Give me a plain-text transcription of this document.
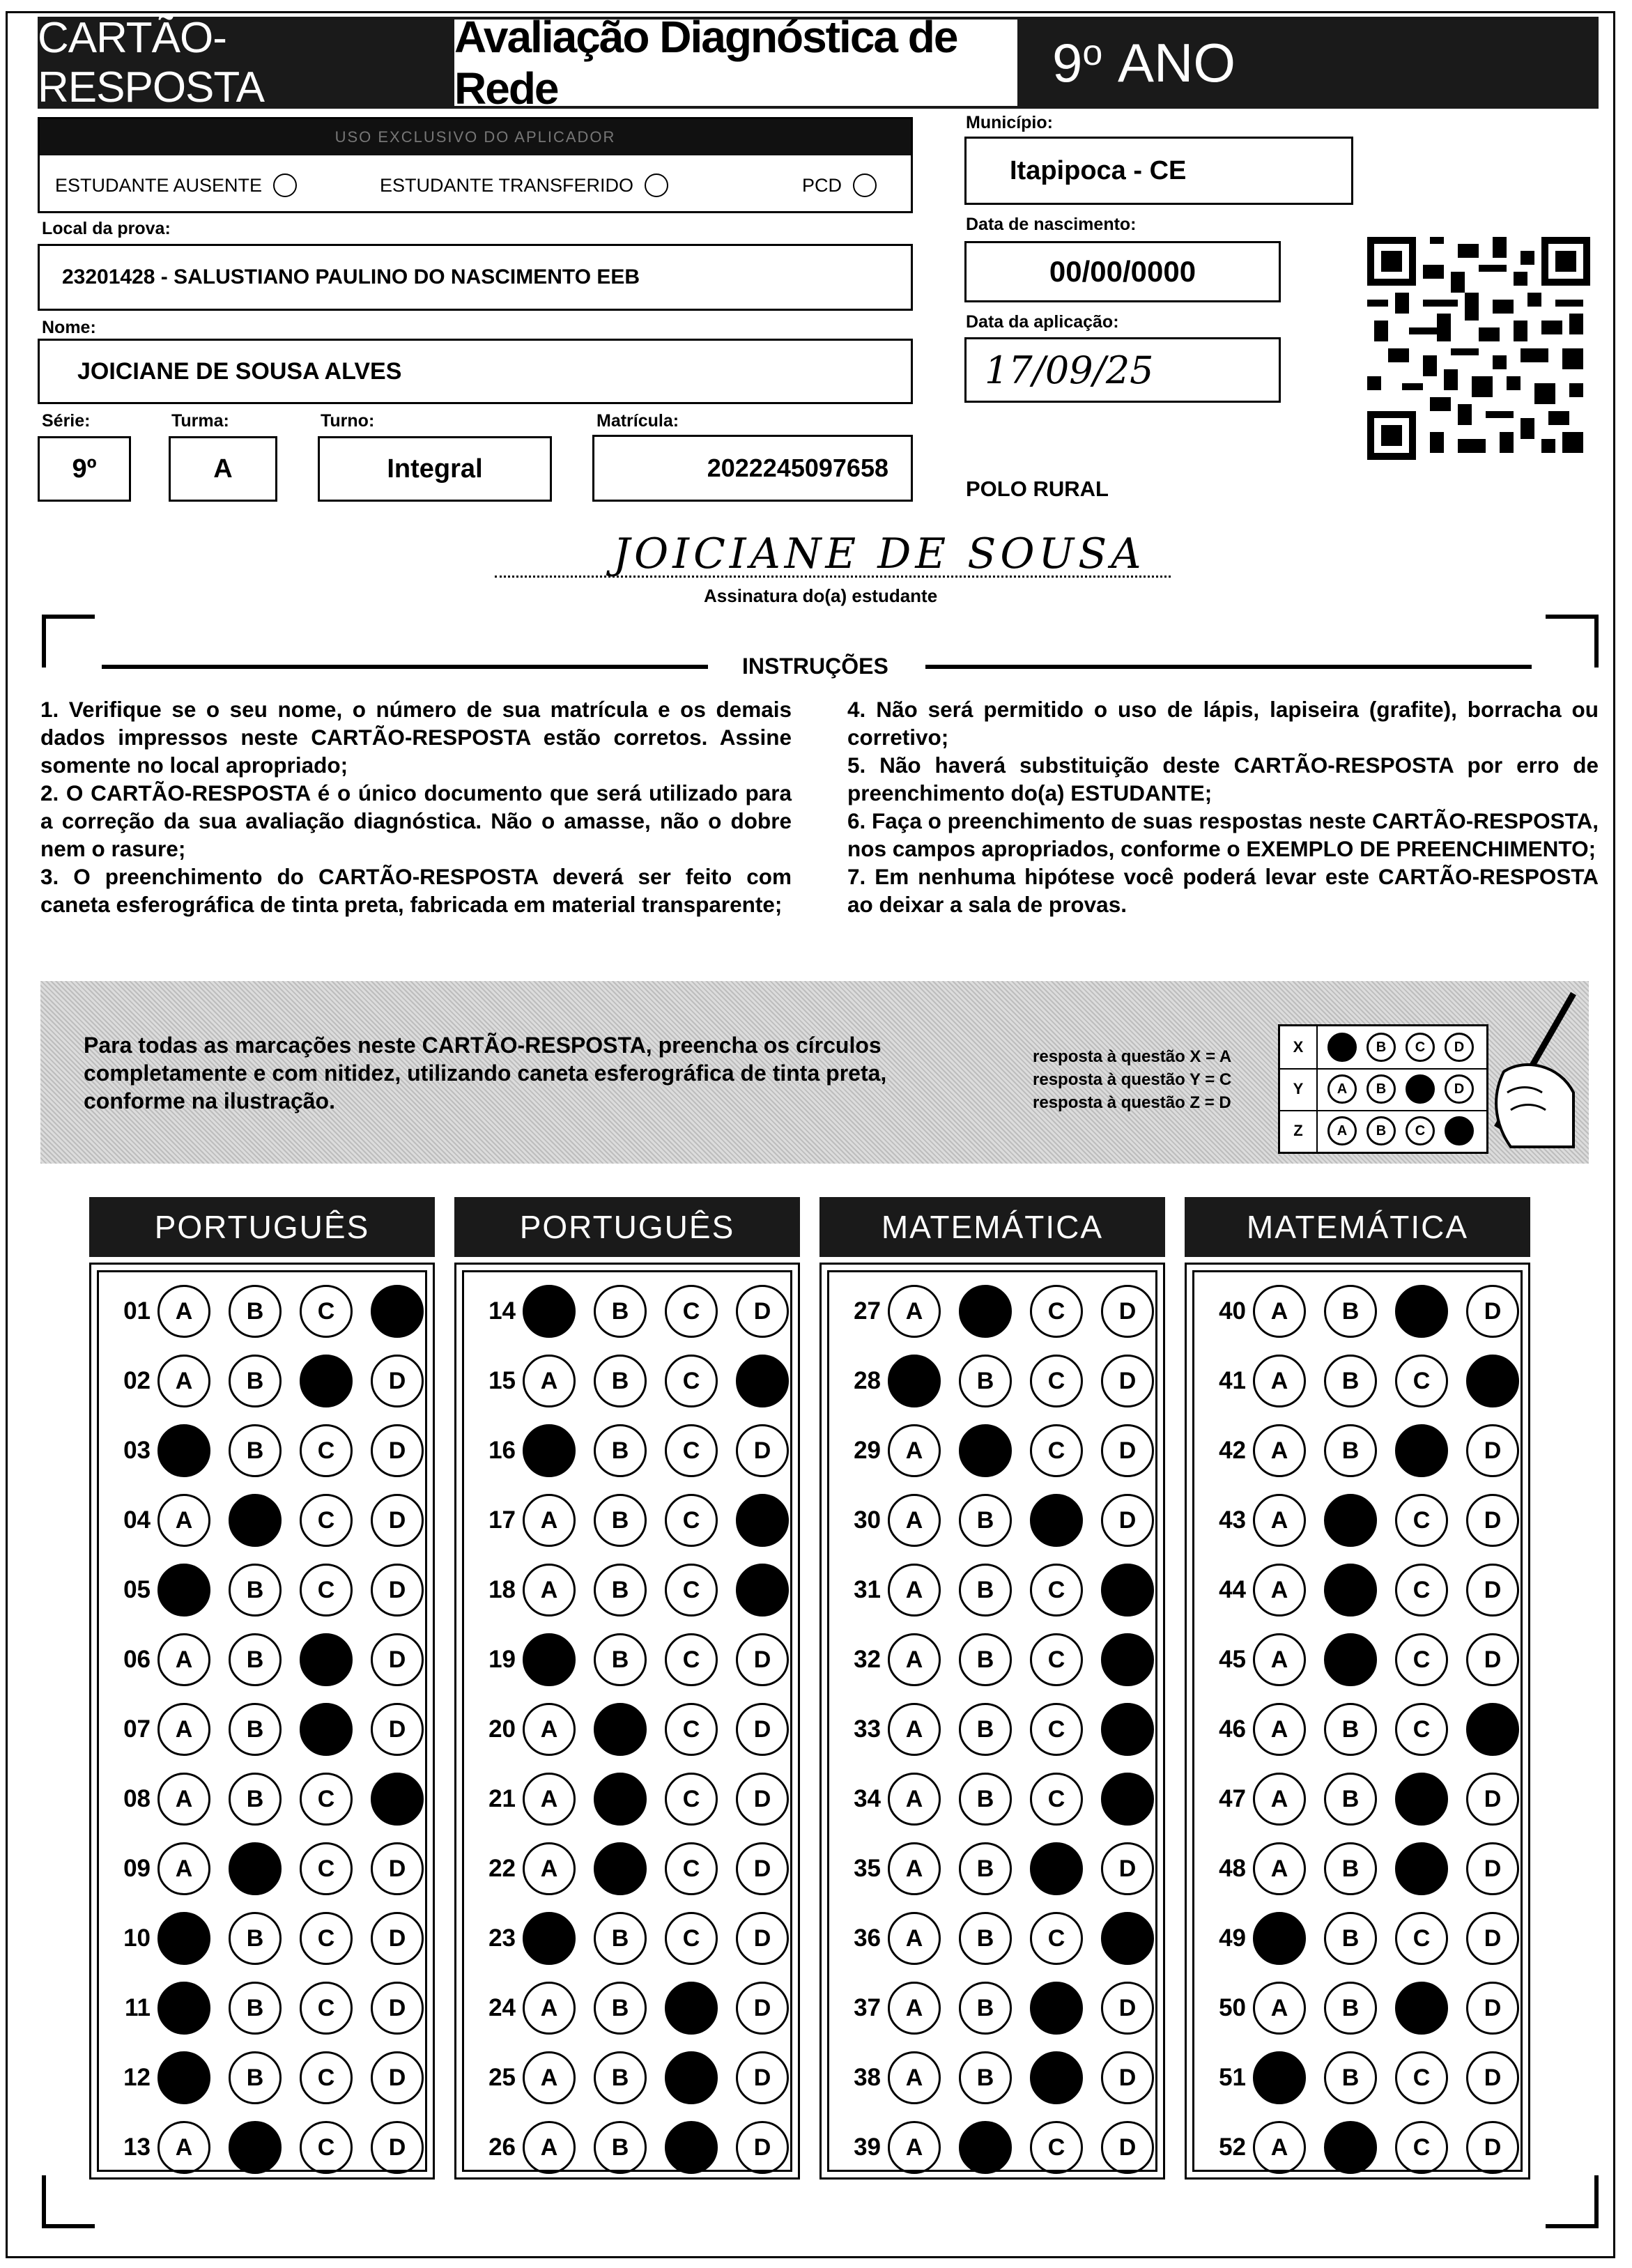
CARTÃO-RESPOSTA
Avaliação Diagnóstica de Rede	9 o
ANO
USO EXCLUSIVO DO APLICADOR
ESTUDANTE AUSENTE	ESTUDANTE TRANSFERIDO	PCD
Município:
Itapipoca - CE
Local da prova:
23201428 - SALUSTIANO PAULINO DO NASCIMENTO EEB
Data de nascimento:
00/00/0000
Data da aplicação:
17/09/25
Nome:
JOICIANE DE SOUSA ALVES
Série:
9º
Turma:
A
Turno:
Integral
Matrícula:
2022245097658
POLO RURAL
JOICIANE DE SOUSA
Assinatura do(a) estudante
INSTRUÇÕES

1. Verifique se o seu nome, o número de sua matrícula e os demais dados impressos neste CARTÃO-RESPOSTA estão corretos. Assine somente no local apropriado;

2. O CARTÃO-RESPOSTA é o único documento que será utilizado para a correção da sua avaliação diagnóstica. Não o amasse, não o dobre nem o rasure;

3. O preenchimento do CARTÃO-RESPOSTA deverá ser feito com caneta esferográfica de tinta preta, fabricada em material transparente;

4. Não será permitido o uso de lápis, lapiseira (grafite), borracha ou corretivo;

5. Não haverá substituição deste CARTÃO-RESPOSTA por erro de preenchimento do(a) ESTUDANTE;

6. Faça o preenchimento de suas respostas neste CARTÃO-RESPOSTA, nos campos apropriados, conforme o EXEMPLO DE PREENCHIMENTO;

7. Em nenhuma hipótese você poderá levar este CARTÃO-RESPOSTA ao deixar a sala de provas.

Para todas as marcações neste CARTÃO-RESPOSTA, preencha os círculos completamente e com nitidez, utilizando caneta esferográfica de tinta preta, conforme na ilustração.
resposta à questão X = A
resposta à questão Y = C
resposta à questão Z = D
X	A	B	C	D
Y	A	B	C	D
Z	A	B	C	D
PORTUGUÊS
01	A	B	C	D
02	A	B	C	D
03	A	B	C	D
04	A	B	C	D
05	A	B	C	D
06	A	B	C	D
07	A	B	C	D
08	A	B	C	D
09	A	B	C	D
10	A	B	C	D
11	A	B	C	D
12	A	B	C	D
13	A	B	C	D
PORTUGUÊS
14	A	B	C	D
15	A	B	C	D
16	A	B	C	D
17	A	B	C	D
18	A	B	C	D
19	A	B	C	D
20	A	B	C	D
21	A	B	C	D
22	A	B	C	D
23	A	B	C	D
24	A	B	C	D
25	A	B	C	D
26	A	B	C	D
MATEMÁTICA
27	A	B	C	D
28	A	B	C	D
29	A	B	C	D
30	A	B	C	D
31	A	B	C	D
32	A	B	C	D
33	A	B	C	D
34	A	B	C	D
35	A	B	C	D
36	A	B	C	D
37	A	B	C	D
38	A	B	C	D
39	A	B	C	D
MATEMÁTICA
40	A	B	C	D
41	A	B	C	D
42	A	B	C	D
43	A	B	C	D
44	A	B	C	D
45	A	B	C	D
46	A	B	C	D
47	A	B	C	D
48	A	B	C	D
49	A	B	C	D
50	A	B	C	D
51	A	B	C	D
52	A	B	C	D
